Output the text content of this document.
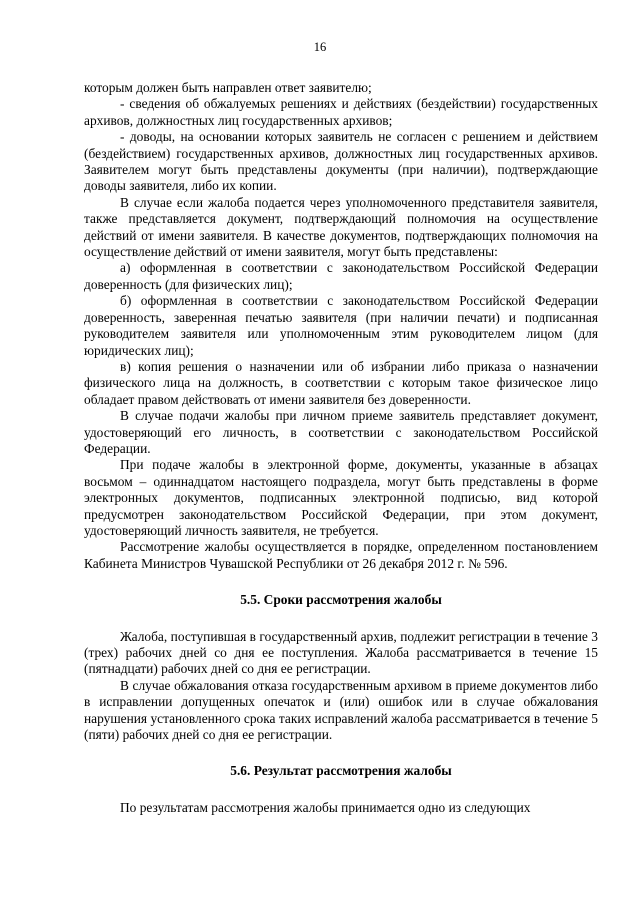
16

которым должен быть направлен ответ заявителю;

- сведения об обжалуемых решениях и действиях (бездействии) государственных архивов, должностных лиц государственных архивов;

- доводы, на основании которых заявитель не согласен с решением и действием (бездействием) государственных архивов, должностных лиц государственных архивов. Заявителем могут быть представлены документы (при наличии), подтверждающие доводы заявителя, либо их копии.

В случае если жалоба подается через уполномоченного представителя заявителя, также представляется документ, подтверждающий полномочия на осуществление действий от имени заявителя. В качестве документов, подтверждающих полномочия на осуществление действий от имени заявителя, могут быть представлены:

а) оформленная в соответствии с законодательством Российской Федерации доверенность (для физических лиц);

б) оформленная в соответствии с законодательством Российской Федерации доверенность, заверенная печатью заявителя (при наличии печати) и подписанная руководителем заявителя или уполномоченным этим руководителем лицом (для юридических лиц);

в) копия решения о назначении или об избрании либо приказа о назначении физического лица на должность, в соответствии с которым такое физическое лицо обладает правом действовать от имени заявителя без доверенности.

В случае подачи жалобы при личном приеме заявитель представляет документ, удостоверяющий его личность, в соответствии с законодательством Российской Федерации.

При подаче жалобы в электронной форме, документы, указанные в абзацах восьмом – одиннадцатом настоящего подраздела, могут быть представлены в форме электронных документов, подписанных электронной подписью, вид которой предусмотрен законодательством Российской Федерации, при этом документ, удостоверяющий личность заявителя, не требуется.

Рассмотрение жалобы осуществляется в порядке, определенном постановлением Кабинета Министров Чувашской Республики от 26 декабря 2012 г. № 596.

5.5. Сроки рассмотрения жалобы

Жалоба, поступившая в государственный архив, подлежит регистрации в течение 3 (трех) рабочих дней со дня ее поступления. Жалоба рассматривается в течение 15 (пятнадцати) рабочих дней со дня ее регистрации.

В случае обжалования отказа государственным архивом в приеме документов либо в исправлении допущенных опечаток и (или) ошибок или в случае обжалования нарушения установленного срока таких исправлений жалоба рассматривается в течение 5 (пяти) рабочих дней со дня ее регистрации.

5.6. Результат рассмотрения жалобы

По результатам рассмотрения жалобы принимается одно из следующих
